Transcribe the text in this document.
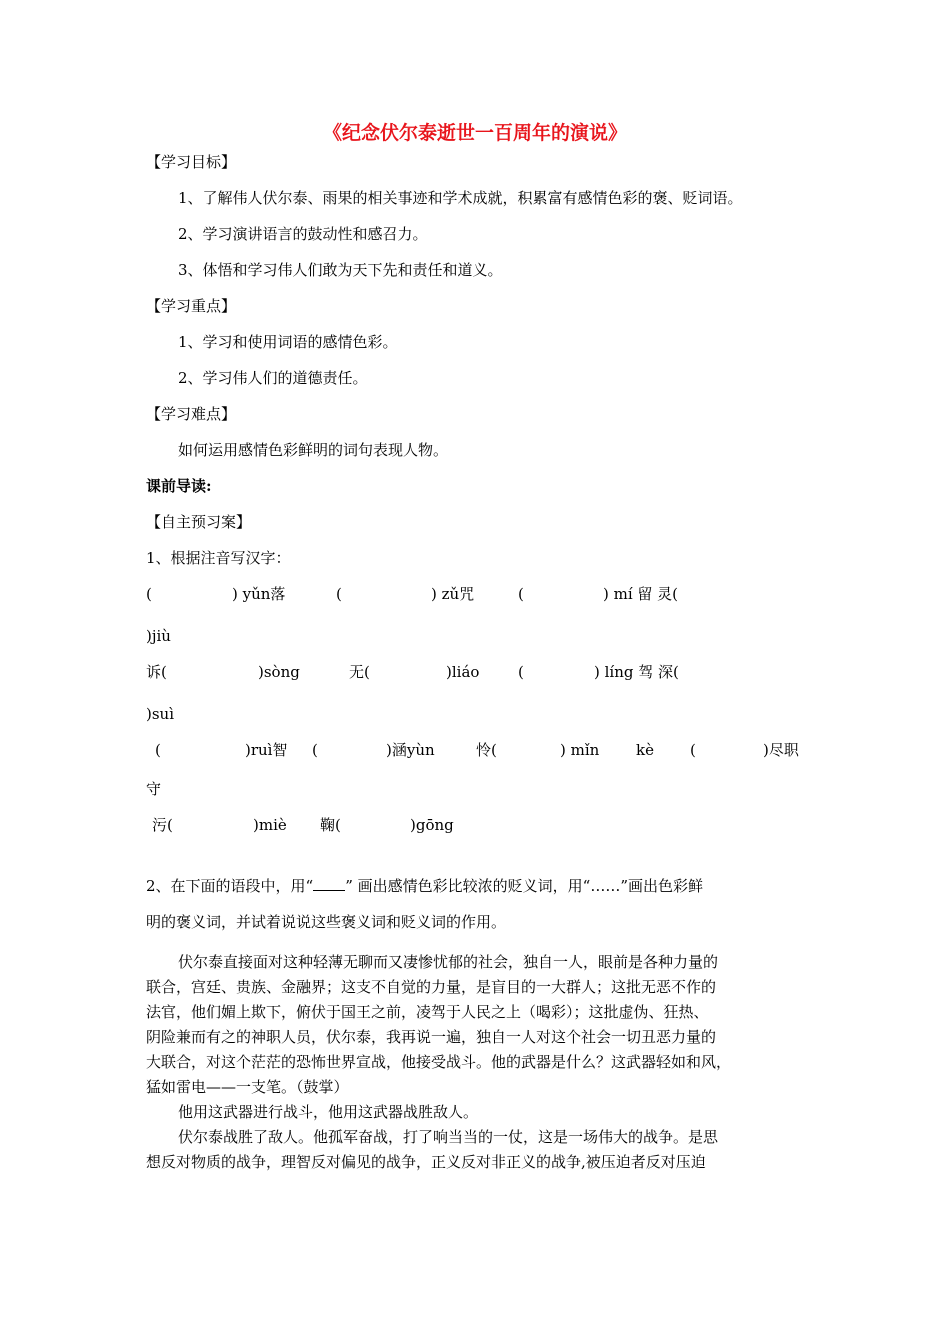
《纪念伏尔泰逝世一百周年的演说》
【学习目标】
1、了解伟人伏尔泰、雨果的相关事迹和学术成就，积累富有感情色彩的褒、贬词语。
2、学习演讲语言的鼓动性和感召力。
3、体悟和学习伟人们敢为天下先和责任和道义。
【学习重点】
1、学习和使用词语的感情色彩。
2、学习伟人们的道德责任。
【学习难点】
如何运用感情色彩鲜明的词句表现人物。
课前导读:
【自主预习案】
1、根据注音写汉字：
(	) yǔn落	(	) zǔ咒	(	) mí 留 灵(
)jiù
诉(	)sòng	无(	)liáo	(	) líng 驾 深(
)suì
(	)ruì智 (	)涵yùn	怜(	) mǐn kè (	)尽职
守
污(	)miè 鞠(	)gōng
2、在下面的语段中，用“ ” 画出感情色彩比较浓的贬义词，用“……”画出色彩鲜
明的褒义词，并试着说说这些褒义词和贬义词的作用。
伏尔泰直接面对这种轻薄无聊而又凄惨忧郁的社会，独自一人，眼前是各种力量的
联合，宫廷、贵族、金融界；这支不自觉的力量，是盲目的一大群人；这批无恶不作的
法官，他们媚上欺下，俯伏于国王之前，凌驾于人民之上（喝彩）；这批虚伪、狂热、
阴险兼而有之的神职人员，伏尔泰，我再说一遍，独自一人对这个社会一切丑恶力量的
大联合，对这个茫茫的恐怖世界宣战，他接受战斗。他的武器是什么？这武器轻如和风，
猛如雷电——一支笔。（鼓掌）
他用这武器进行战斗，他用这武器战胜敌人。
伏尔泰战胜了敌人。他孤军奋战，打了响当当的一仗，这是一场伟大的战争。是思
想反对物质的战争，理智反对偏见的战争，正义反对非正义的战争,被压迫者反对压迫
